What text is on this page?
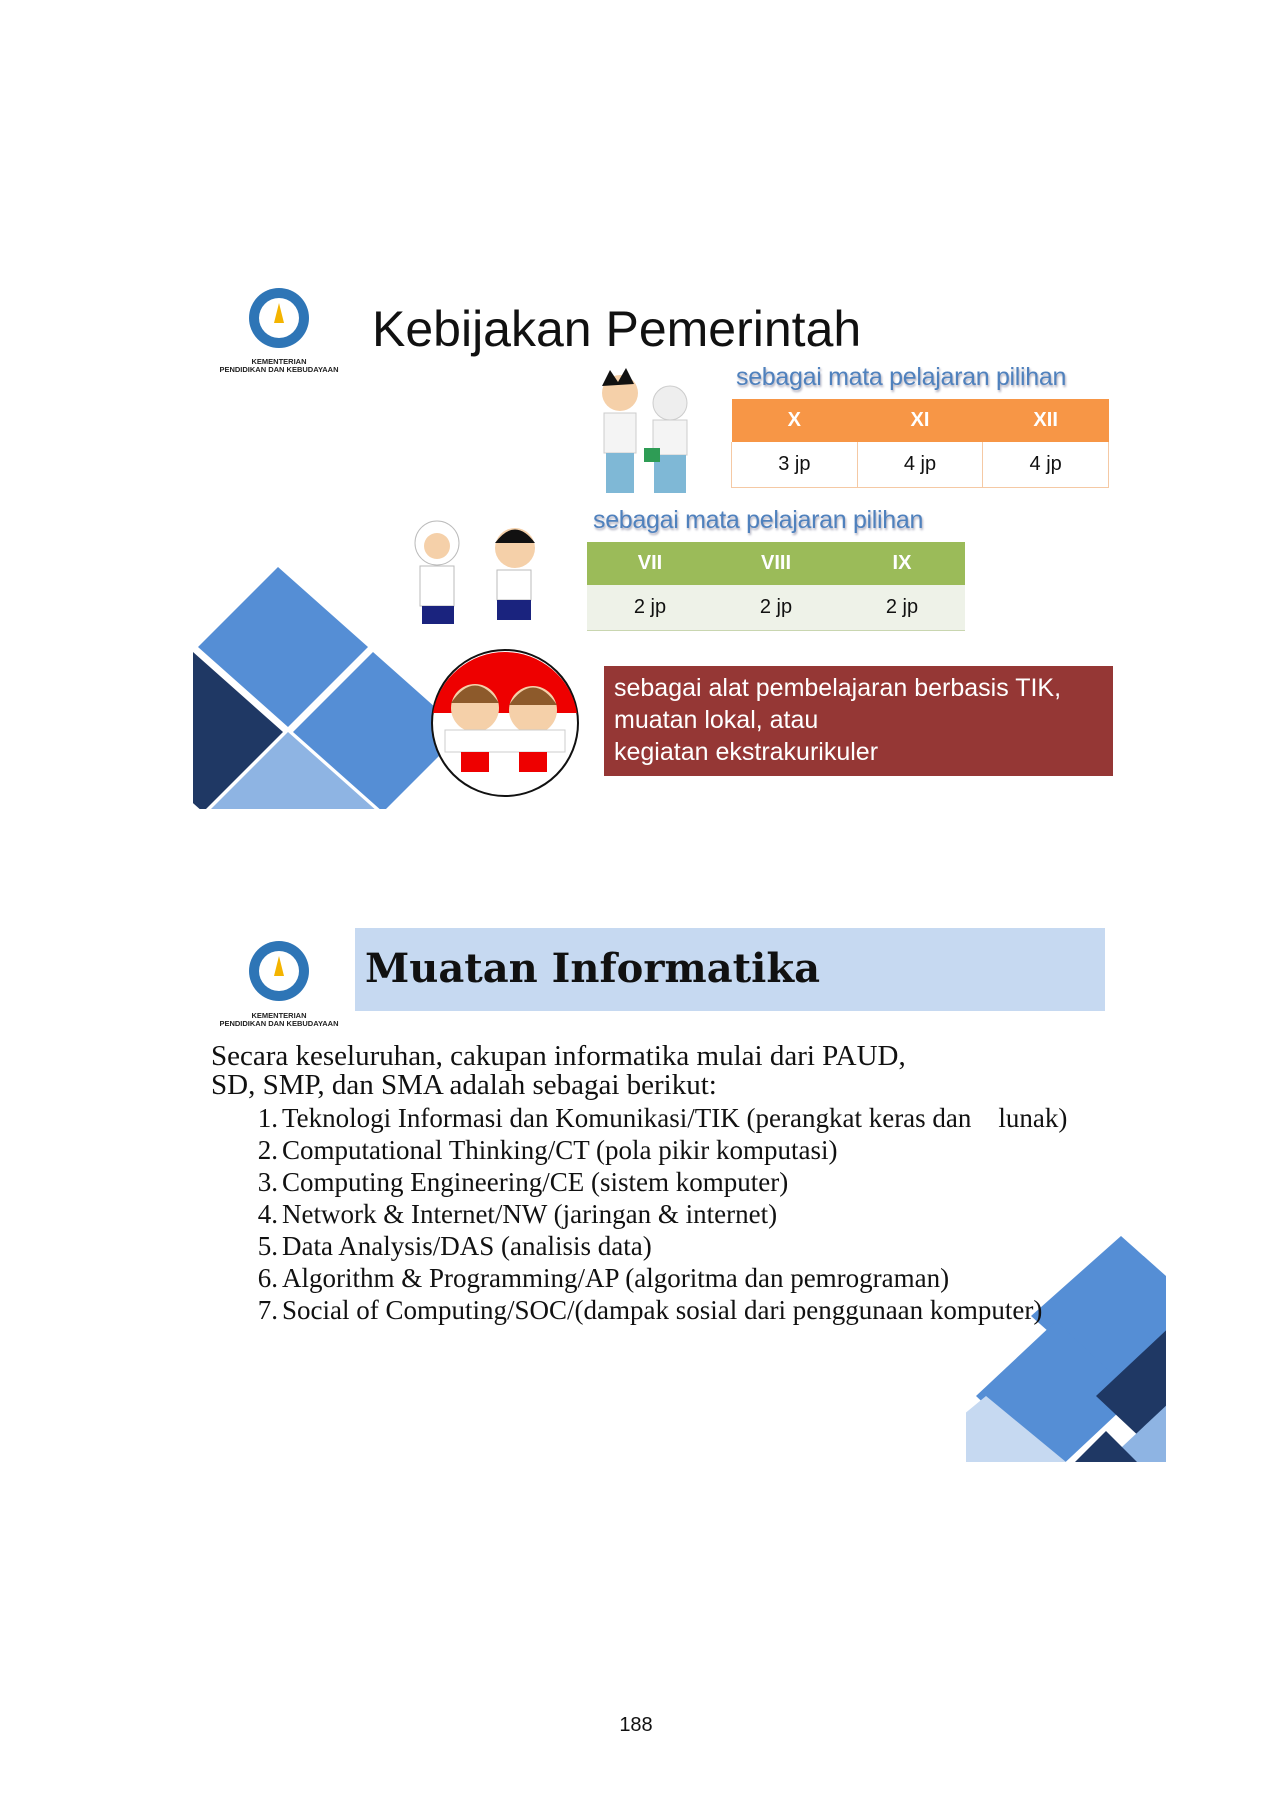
KEMENTERIAN
PENDIDIKAN DAN KEBUDAYAAN
Kebijakan Pemerintah
sebagai mata pelajaran pilihan
X	XI	XII
3 jp	4 jp	4 jp
id
sebagai mata pelajaran pilihan
VII	VIII	IX
2 jp	2 jp	2 jp
sebagai alat pembelajaran berbasis TIK,
muatan lokal, atau
kegiatan ekstrakurikuler
Muatan Informatika
KEMENTERIAN
PENDIDIKAN DAN KEBUDAYAAN
Secara keseluruhan, cakupan informatika mulai dari PAUD,
SD, SMP, dan SMA adalah sebagai berikut:
1. Teknologi Informasi dan Komunikasi/TIK (perangkat keras dan    lunak)
2. Computational Thinking/CT (pola pikir komputasi)
3. Computing Engineering/CE (sistem komputer)
4. Network & Internet/NW (jaringan & internet)
5. Data Analysis/DAS (analisis data)
6. Algorithm & Programming/AP (algoritma dan pemrograman)
7. Social of Computing/SOC/(dampak sosial dari penggunaan komputer)
188
